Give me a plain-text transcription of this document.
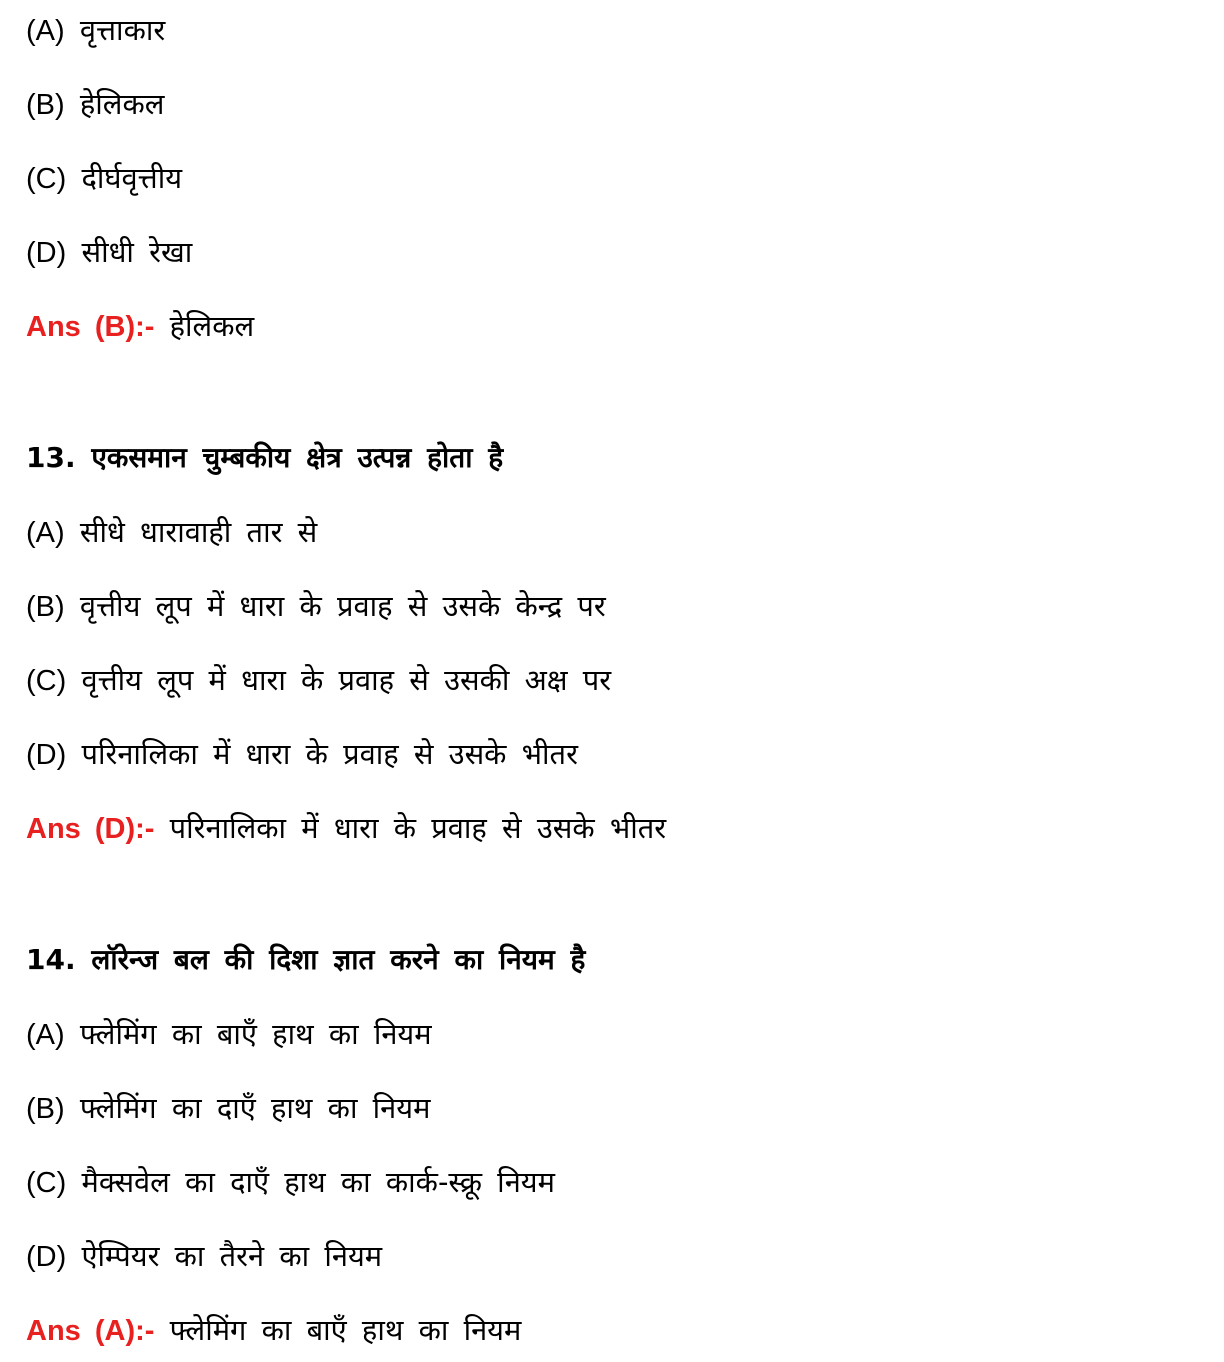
(A) वृत्ताकार
(B) हेलिकल
(C) दीर्घवृत्तीय
(D) सीधी रेखा
Ans (B):- हेलिकल
13. एकसमान चुम्बकीय क्षेत्र उत्पन्न होता है
(A) सीधे धारावाही तार से
(B) वृत्तीय लूप में धारा के प्रवाह से उसके केन्द्र पर
(C) वृत्तीय लूप में धारा के प्रवाह से उसकी अक्ष पर
(D) परिनालिका में धारा के प्रवाह से उसके भीतर
Ans (D):- परिनालिका में धारा के प्रवाह से उसके भीतर
14. लॉरेन्ज बल की दिशा ज्ञात करने का नियम है
(A) फ्लेमिंग का बाएँ हाथ का नियम
(B) फ्लेमिंग का दाएँ हाथ का नियम
(C) मैक्सवेल का दाएँ हाथ का कार्क-स्क्रू नियम
(D) ऐम्पियर का तैरने का नियम
Ans (A):- फ्लेमिंग का बाएँ हाथ का नियम
